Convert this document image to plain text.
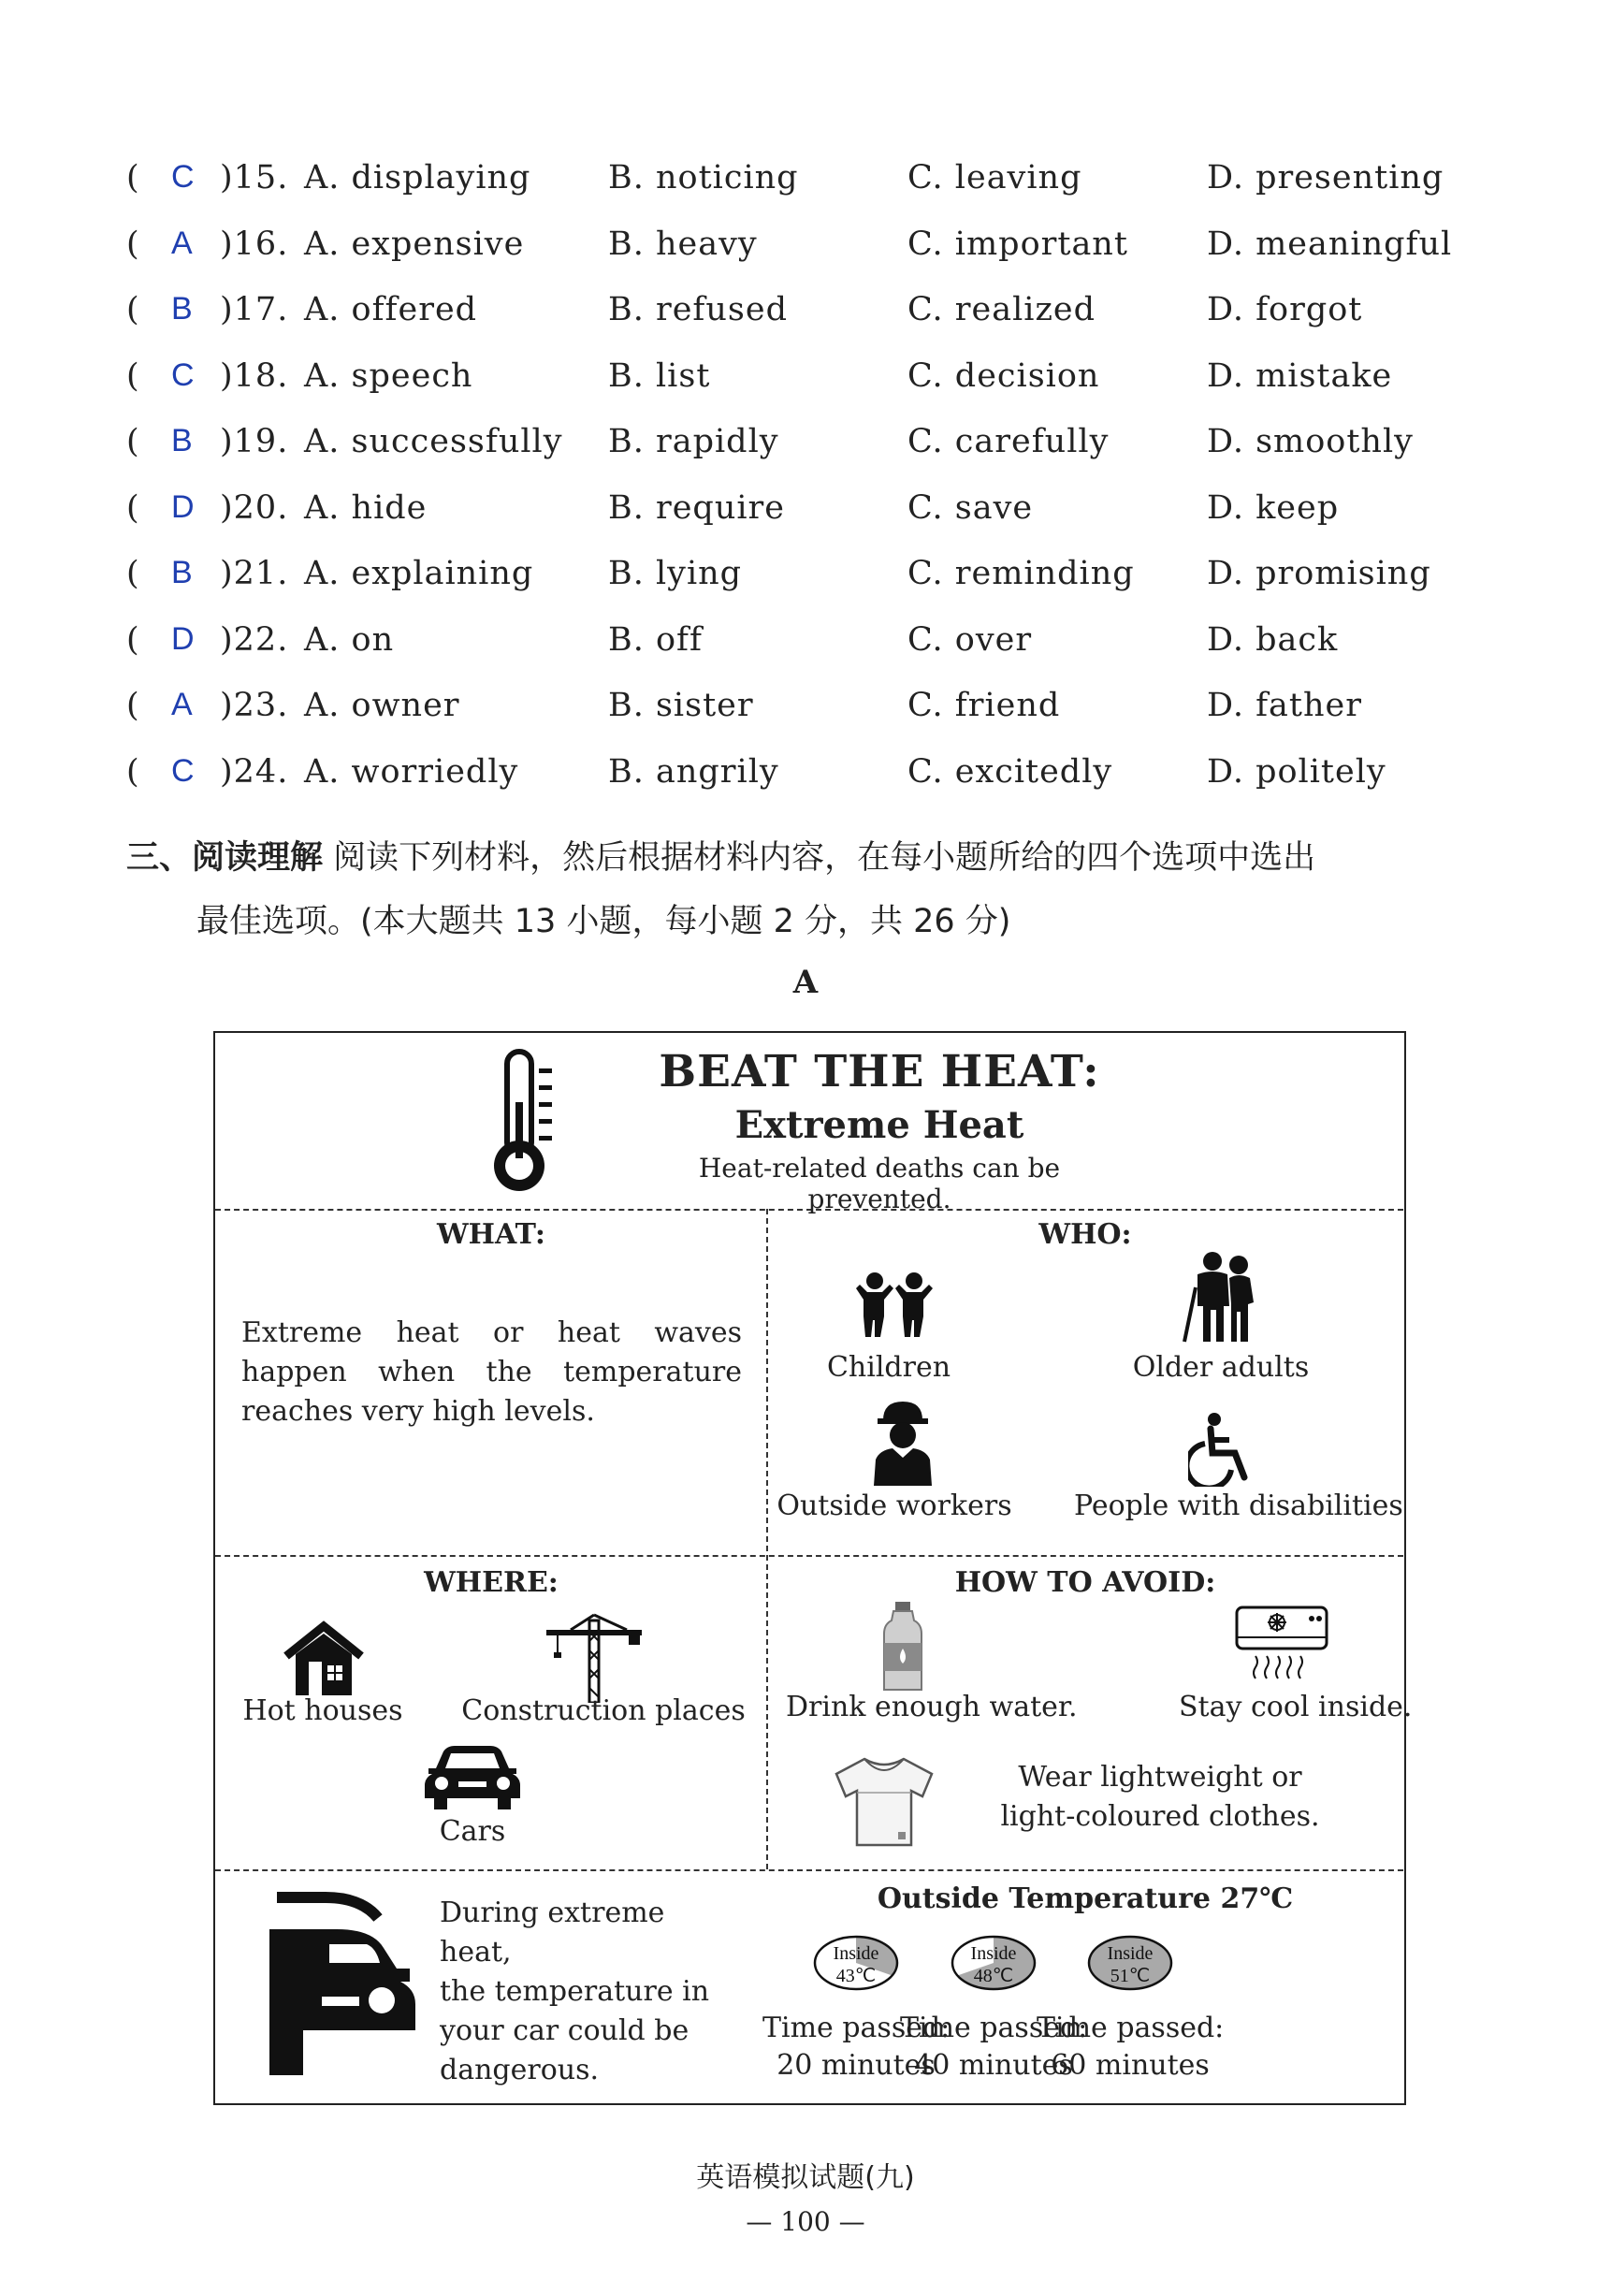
( C )15. A. displaying B. noticing	C. leaving	D. presenting
( A )16. A. expensive	B. heavy	C. important D. meaningful
( B )17. A. offered	B. refused	C. realized	D. forgot
( C )18. A. speech	B. list	C. decision	D. mistake
( B )19. A. successfully B. rapidly	C. carefully	D. smoothly
( D )20. A. hide	B. require	C. save	D. keep
( B )21. A. explaining B. lying	C. reminding D. promising
( D )22. A. on	B. off	C. over	D. back
( A )23. A. owner	B. sister	C. friend	D. father
( C )24. A. worriedly	B. angrily	C. excitedly	D. politely
三、阅读理解 阅读下列材料，然后根据材料内容，在每小题所给的四个选项中选出
最佳选项。(本大题共 13 小题，每小题 2 分，共 26 分)
A
BEAT THE HEAT:
Extreme Heat
Heat-related deaths can be prevented.
WHAT:
Extreme heat or heat waves happen when the temperature reaches very high levels.
WHO:
Children	Older adults
Outside workers	People with disabilities
WHERE:
Hot houses	Construction places
Cars
HOW TO AVOID:
Drink enough water.	Stay cool inside.
Wear lightweight or
light-coloured clothes.
During extreme heat,
the temperature in
your car could be
dangerous.
Outside Temperature 27℃
Inside
43℃
Time passed:
20 minutes
Inside
48℃
Time passed:
40 minutes
Inside
51℃
Time passed:
60 minutes
英语模拟试题(九)
— 100 —
